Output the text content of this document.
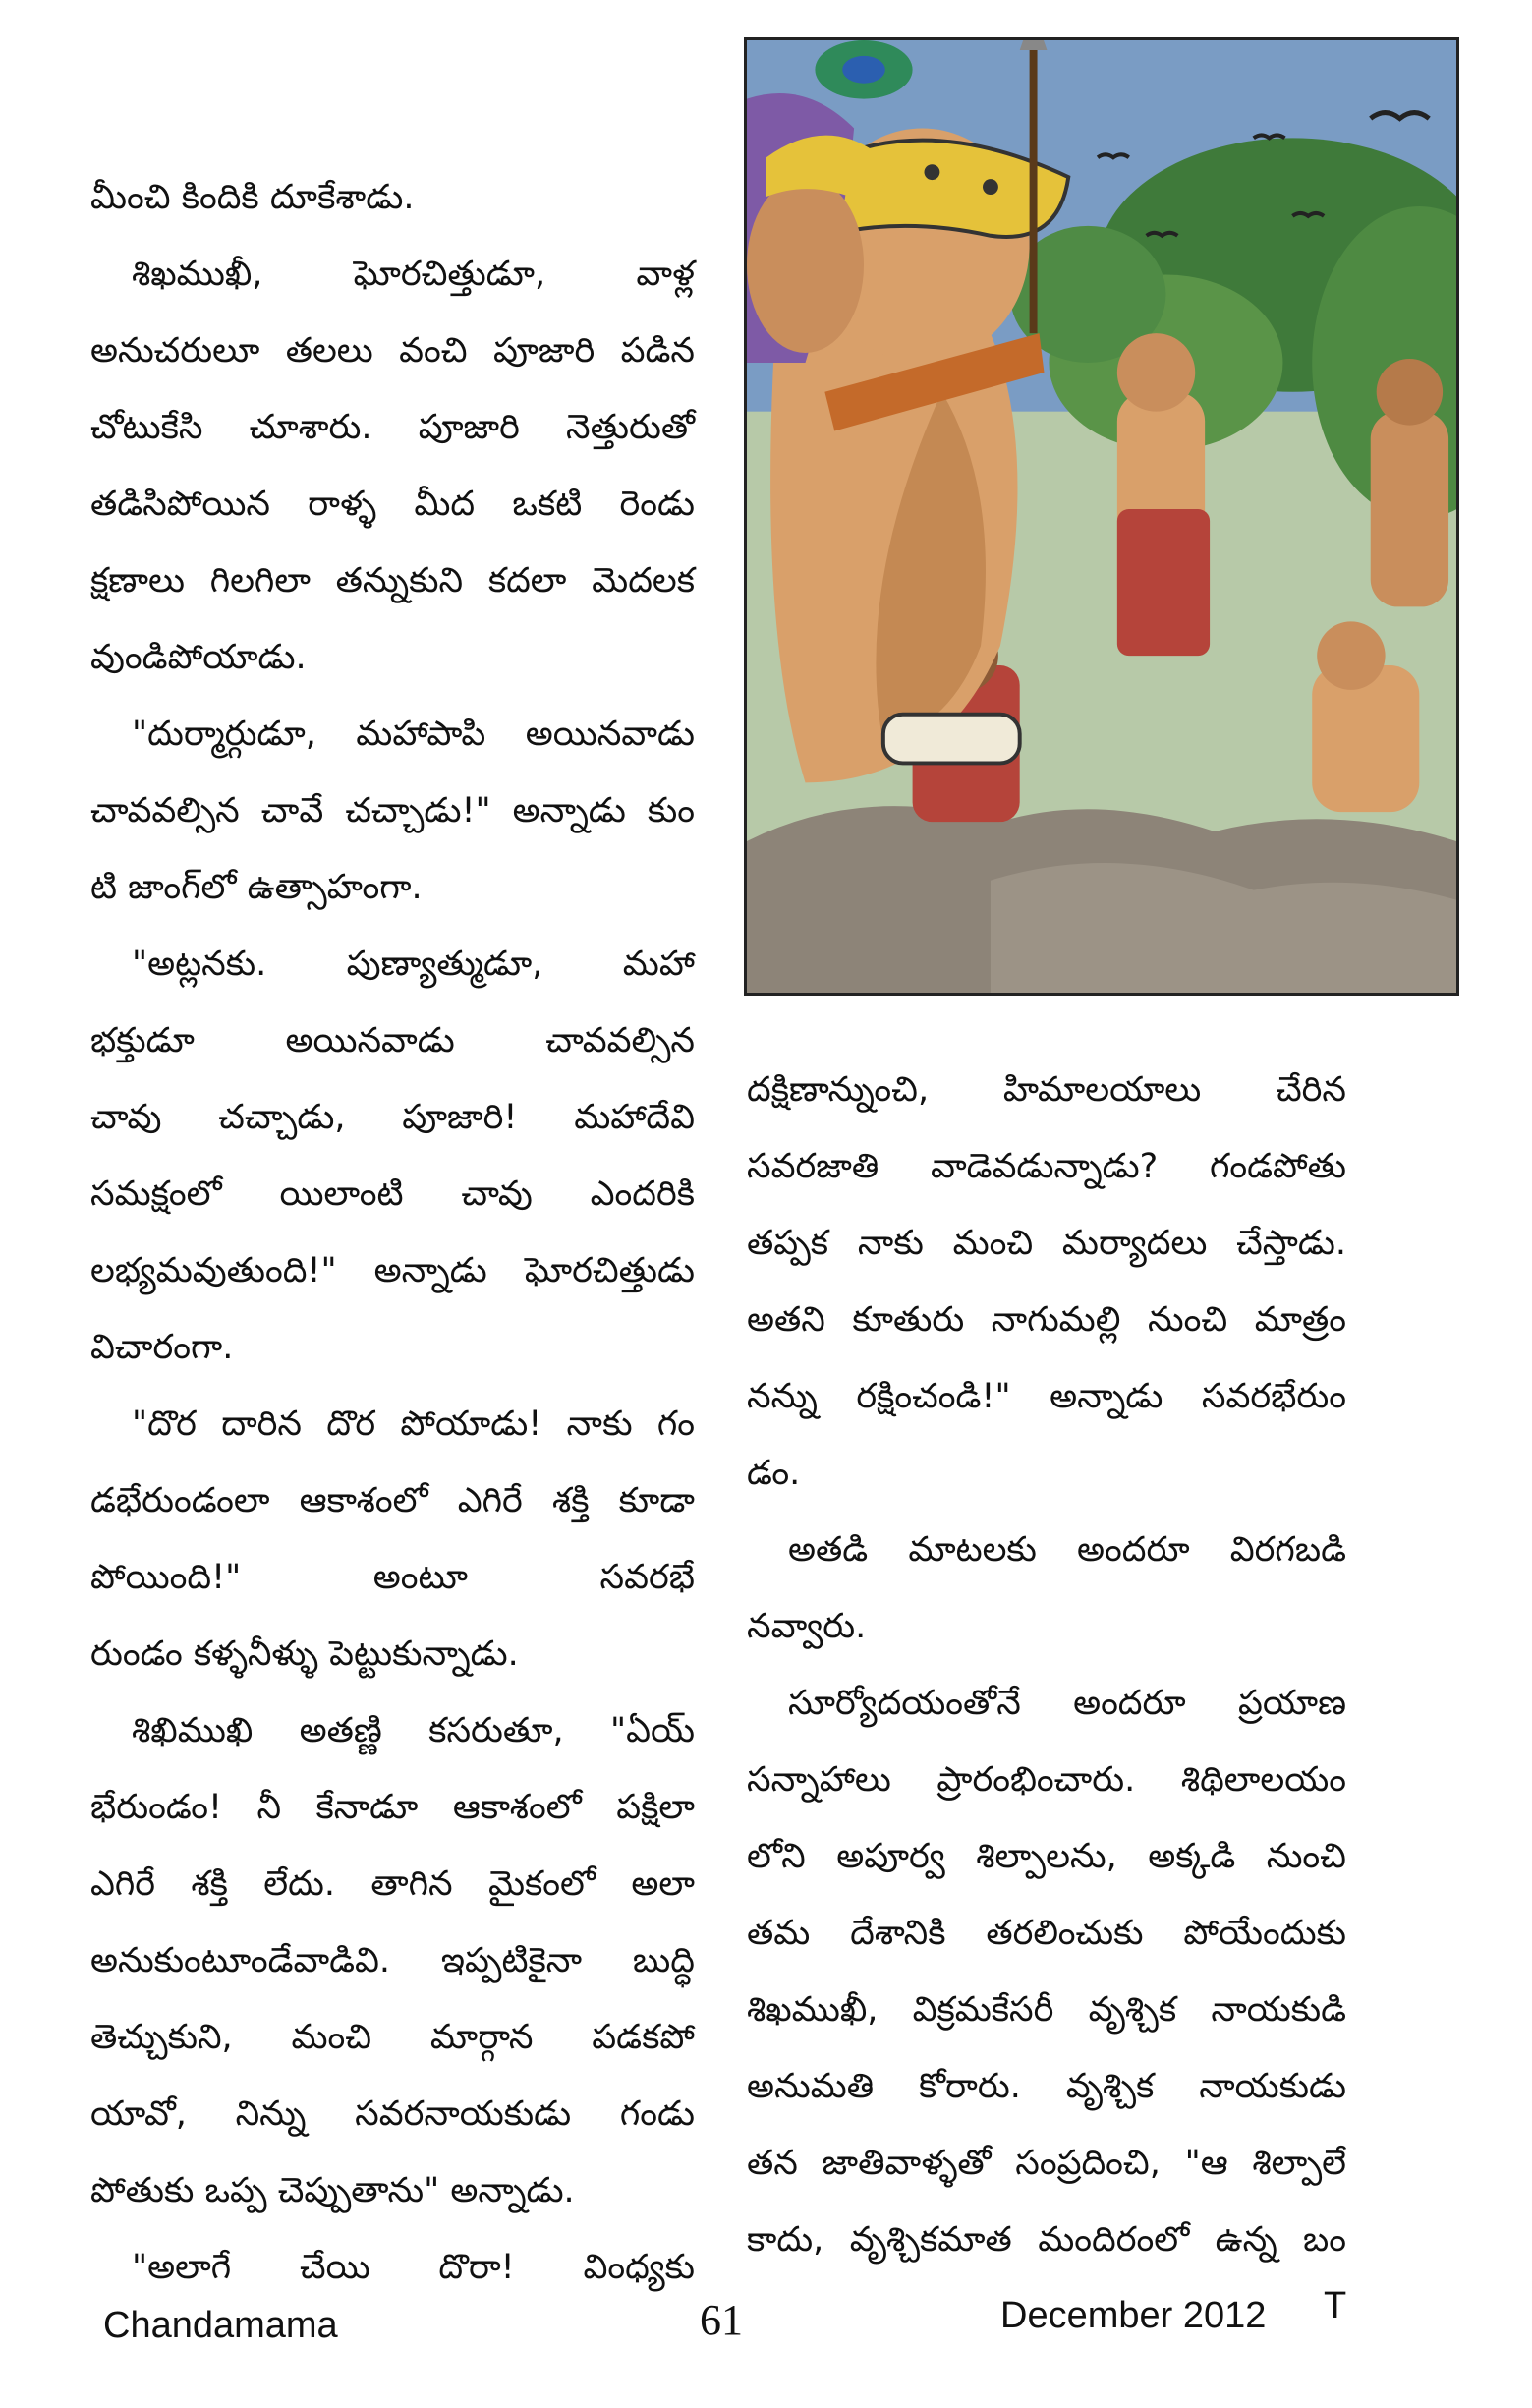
మీంచి కిందికి దూకేశాడు.
శిఖముఖీ, ఘోరచిత్తుడూ, వాళ్ల
అనుచరులూ తలలు వంచి పూజారి పడిన
చోటుకేసి చూశారు. పూజారి నెత్తురుతో
తడిసిపోయిన రాళ్ళ మీద ఒకటి రెండు
క్షణాలు గిలగిలా తన్నుకుని కదలా మెదలక
వుండిపోయాడు.
"దుర్మార్గుడూ, మహాపాపి అయినవాడు
చావవల్సిన చావే చచ్చాడు!" అన్నాడు కుం
టి జాంగ్‌లో ఉత్సాహంగా.
"అట్లనకు. పుణ్యాత్ముడూ, మహా
భక్తుడూ అయినవాడు చావవల్సిన
చావు చచ్చాడు, పూజారి! మహాదేవి
సమక్షంలో యిలాంటి చావు ఎందరికి
లభ్యమవుతుంది!" అన్నాడు ఘోరచిత్తుడు
విచారంగా.
"దొర దారిన దొర పోయాడు! నాకు గం
డభేరుండంలా ఆకాశంలో ఎగిరే శక్తి కూడా
పోయింది!" అంటూ సవరభే
రుండం కళ్ళనీళ్ళు పెట్టుకున్నాడు.
శిఖిముఖి అతణ్ణి కసరుతూ, "ఏయ్
భేరుండం! నీ కేనాడూ ఆకాశంలో పక్షిలా
ఎగిరే శక్తి లేదు. తాగిన మైకంలో అలా
అనుకుంటూండేవాడివి. ఇప్పటికైనా బుద్ధి
తెచ్చుకుని, మంచి మార్గాన పడకపో
యావో, నిన్ను సవరనాయకుడు గండు
పోతుకు ఒప్ప చెప్పుతాను" అన్నాడు.
"అలాగే చేయి దొరా! వింధ్యకు
దక్షిణాన్నుంచి, హిమాలయాలు చేరిన
సవరజాతి వాడెవడున్నాడు? గండపోతు
తప్పక నాకు మంచి మర్యాదలు చేస్తాడు.
అతని కూతురు నాగుమల్లి నుంచి మాత్రం
నన్ను రక్షించండి!" అన్నాడు సవరభేరుం
డం.
అతడి మాటలకు అందరూ విరగబడి
నవ్వారు.
సూర్యోదయంతోనే అందరూ ప్రయాణ
సన్నాహాలు ప్రారంభించారు. శిథిలాలయం
లోని అపూర్వ శిల్పాలను, అక్కడి నుంచి
తమ దేశానికి తరలించుకు పోయేందుకు
శిఖముఖీ, విక్రమకేసరీ వృశ్చిక నాయకుడి
అనుమతి కోరారు. వృశ్చిక నాయకుడు
తన జాతివాళ్ళతో సంప్రదించి, "ఆ శిల్పాలే
కాదు, వృశ్చికమాత మందిరంలో ఉన్న బం
Chandamama	61	December 2012 T
